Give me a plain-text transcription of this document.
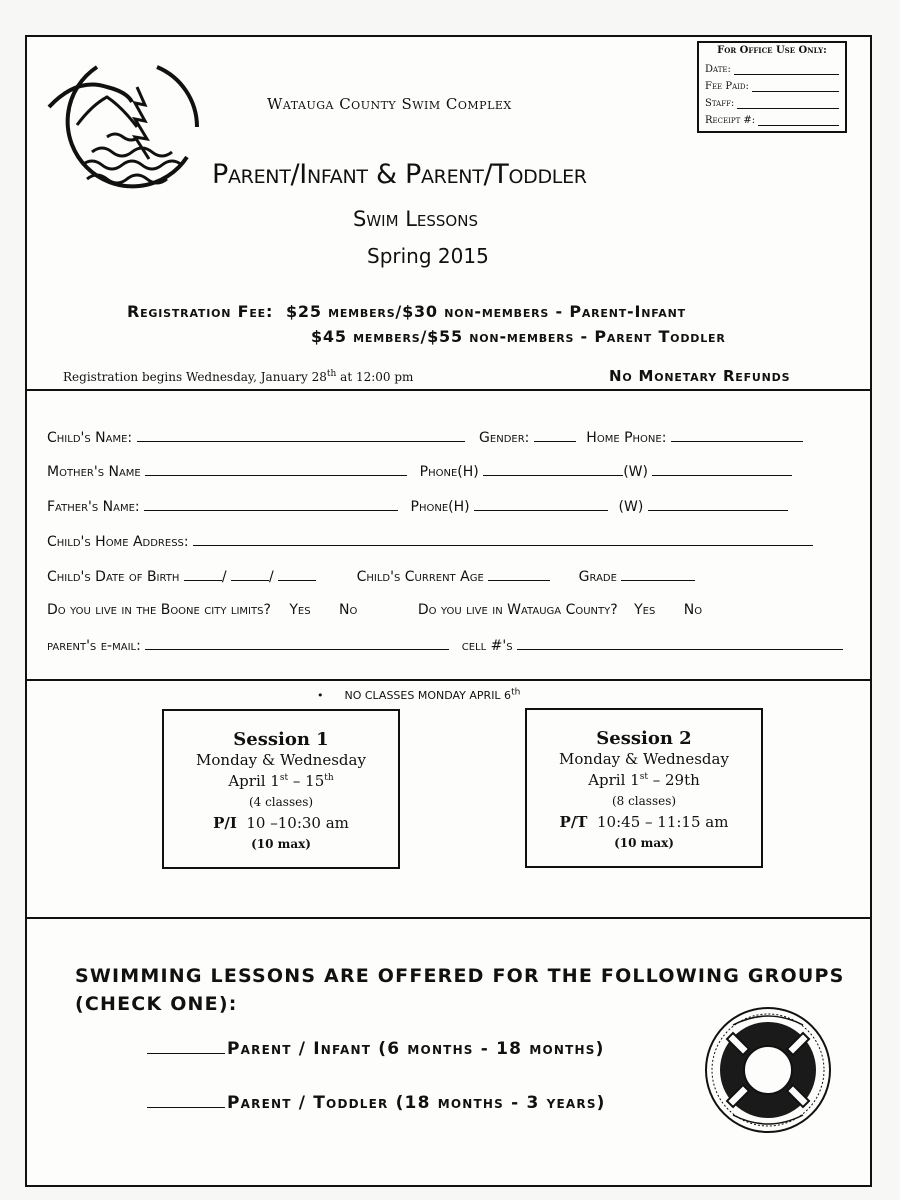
Watauga County Swim Complex
For Office Use Only:
Date:
Fee Paid:
Staff:
Receipt #:
Parent/Infant & Parent/Toddler
Swim Lessons
Spring 2015
Registration Fee: $25 members/$30 non-members - Parent-Infant
$45 members/$55 non-members - Parent Toddler
Registration begins Wednesday, January 28th at 12:00 pm	No Monetary Refunds
Child's Name:	Gender:	Home Phone:
Mother's Name	Phone(H)	(W)
Father's Name:	Phone(H)	(W)
Child's Home Address:
Child's Date of Birth	/	/	Child's Current Age	Grade
Do you live in the Boone city limits? Yes No	Do you live in Watauga County? Yes No
parent's e-mail:	cell #'s
• NO CLASSES MONDAY APRIL 6th
Session 1
Monday & Wednesday
April 1st – 15th
(4 classes)
P/I 10 –10:30 am
(10 max)
Session 2
Monday & Wednesday
April 1st – 29th
(8 classes)
P/T 10:45 – 11:15 am
(10 max)
SWIMMING LESSONS ARE OFFERED FOR THE FOLLOWING GROUPS (CHECK ONE):
Parent / Infant (6 months - 18 months)
Parent / Toddler (18 months - 3 years)
